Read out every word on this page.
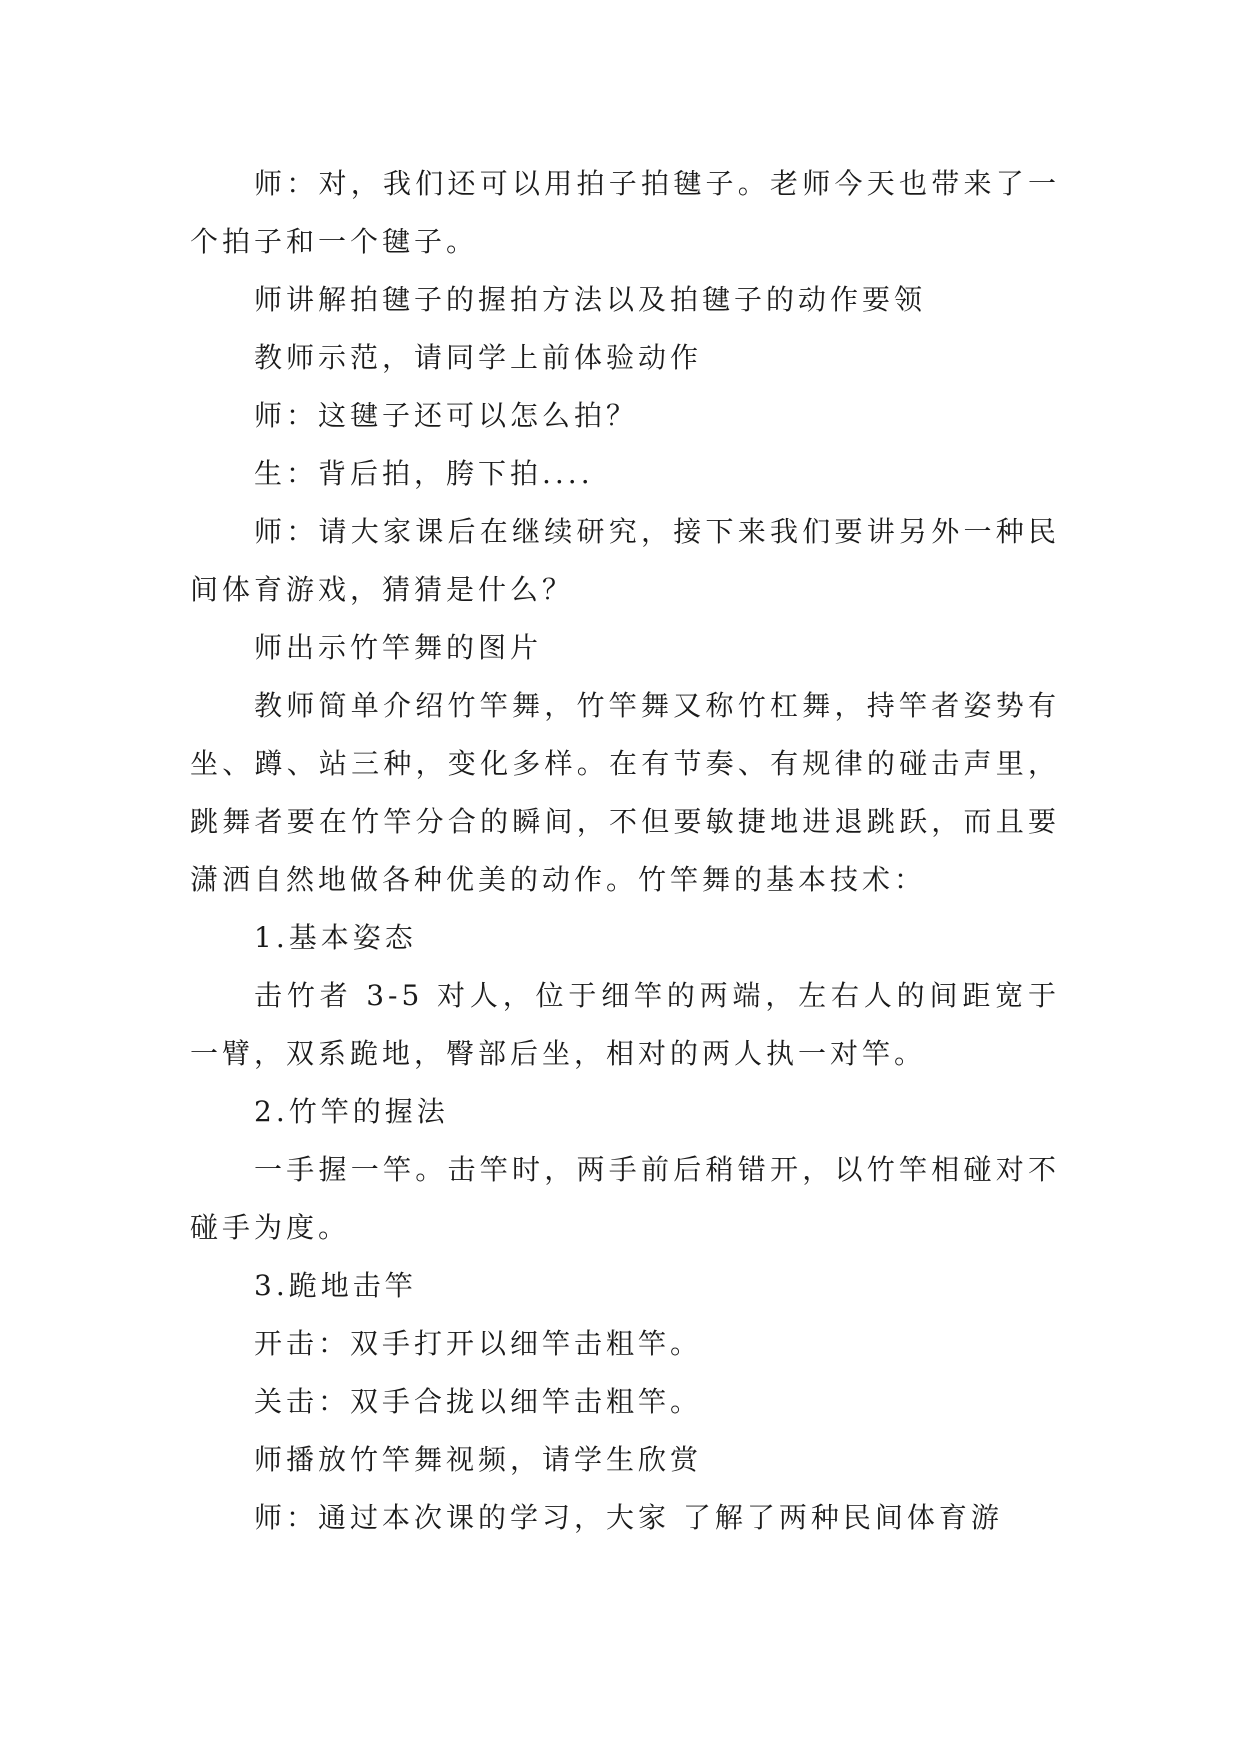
师：对，我们还可以用拍子拍毽子。老师今天也带来了一个拍子和一个毽子。

师讲解拍毽子的握拍方法以及拍毽子的动作要领

教师示范，请同学上前体验动作

师：这毽子还可以怎么拍？

生：背后拍，胯下拍....

师：请大家课后在继续研究，接下来我们要讲另外一种民间体育游戏，猜猜是什么？

师出示竹竿舞的图片

教师简单介绍竹竿舞，竹竿舞又称竹杠舞，持竿者姿势有坐、蹲、站三种，变化多样。在有节奏、有规律的碰击声里，跳舞者要在竹竿分合的瞬间，不但要敏捷地进退跳跃，而且要潇洒自然地做各种优美的动作。竹竿舞的基本技术：

1.基本姿态

击竹者 3-5 对人，位于细竿的两端，左右人的间距宽于一臂，双系跪地，臀部后坐，相对的两人执一对竿。

2.竹竿的握法

一手握一竿。击竿时，两手前后稍错开，以竹竿相碰对不碰手为度。

3.跪地击竿

开击：双手打开以细竿击粗竿。

关击：双手合拢以细竿击粗竿。

师播放竹竿舞视频，请学生欣赏

师：通过本次课的学习，大家 了解了两种民间体育游
